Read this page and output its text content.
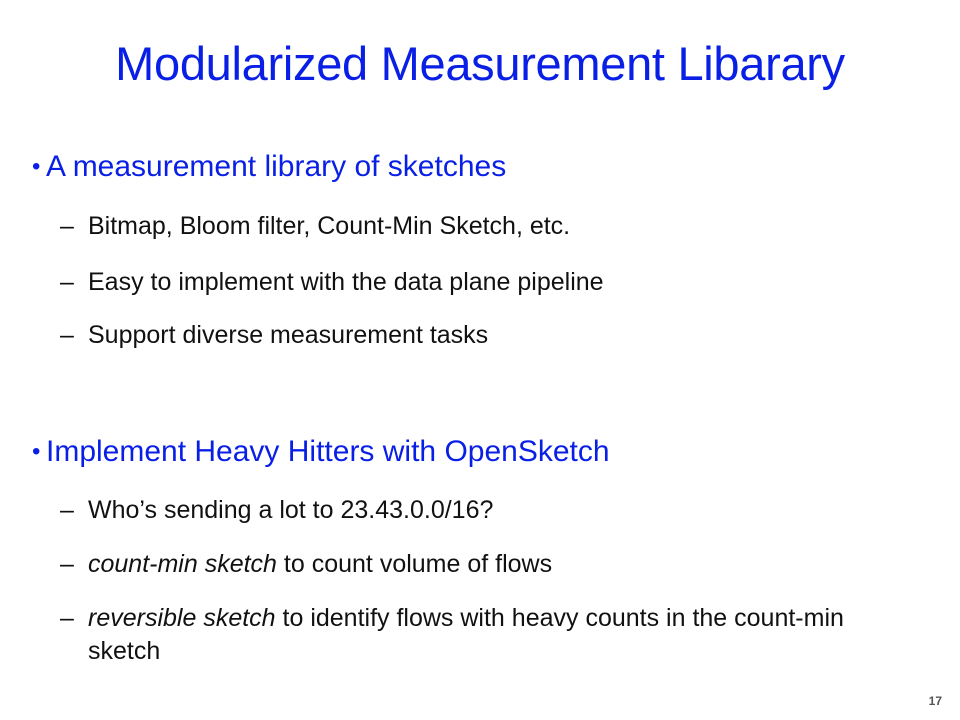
Modularized Measurement Libarary
• A measurement library of sketches
– Bitmap, Bloom filter, Count-Min Sketch, etc.
– Easy to implement with the data plane pipeline
– Support diverse measurement tasks
• Implement Heavy Hitters with OpenSketch
– Who’s sending a lot to 23.43.0.0/16?
– count-min sketch to count volume of flows
– reversible sketch to identify flows with heavy counts in the count-min sketch
17
